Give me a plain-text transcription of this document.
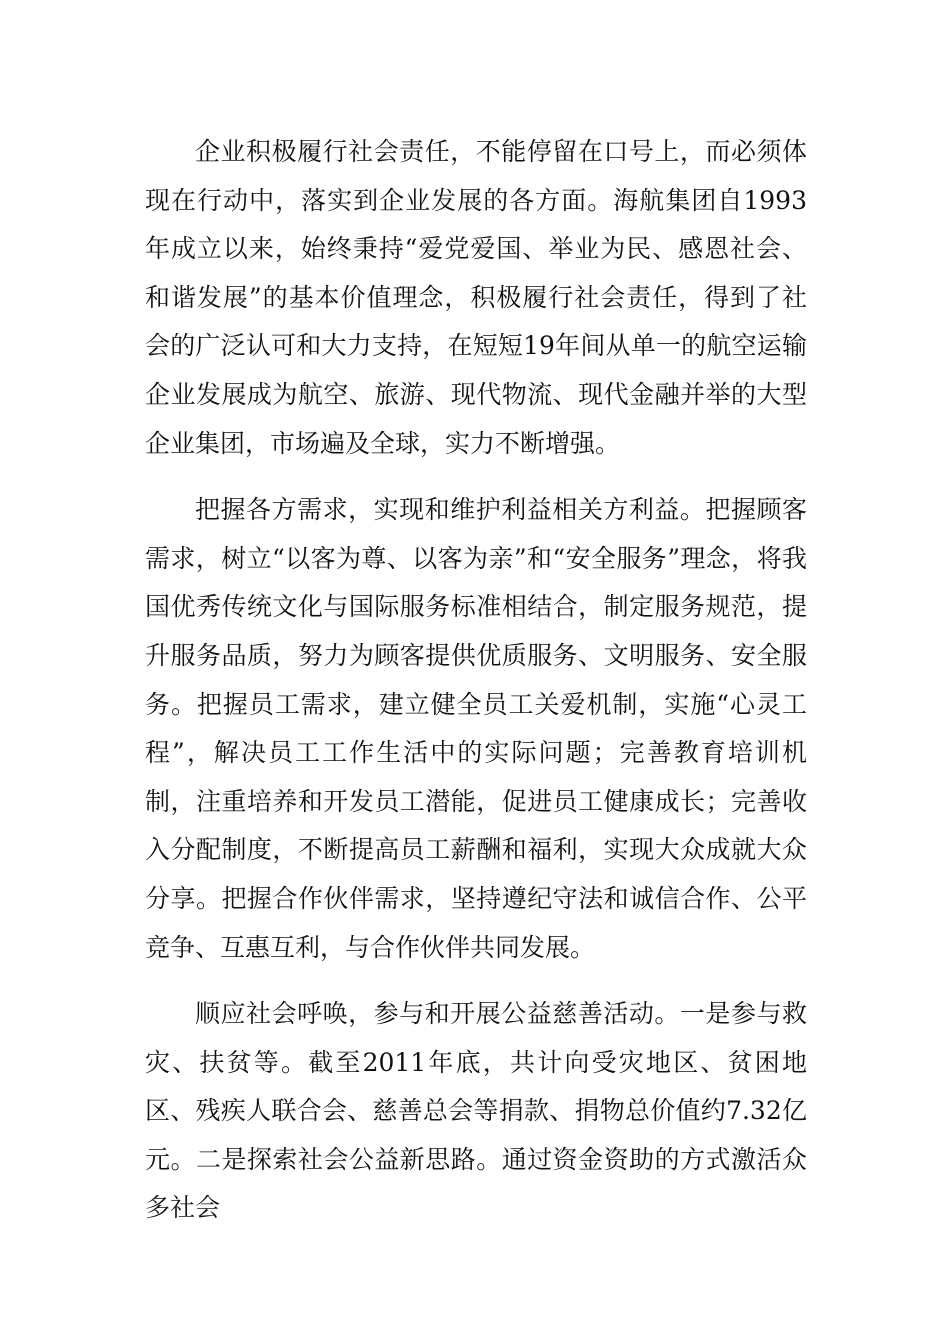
企业积极履行社会责任，不能停留在口号上，而必须体现在行动中，落实到企业发展的各方面。海航集团自1993年成立以来，始终秉持“爱党爱国、举业为民、感恩社会、和谐发展”的基本价值理念，积极履行社会责任，得到了社会的广泛认可和大力支持，在短短19年间从单一的航空运输企业发展成为航空、旅游、现代物流、现代金融并举的大型企业集团，市场遍及全球，实力不断增强。

把握各方需求，实现和维护利益相关方利益。把握顾客需求，树立“以客为尊、以客为亲”和“安全服务”理念，将我国优秀传统文化与国际服务标准相结合，制定服务规范，提升服务品质，努力为顾客提供优质服务、文明服务、安全服务。把握员工需求，建立健全员工关爱机制，实施“心灵工程”，解决员工工作生活中的实际问题；完善教育培训机制，注重培养和开发员工潜能，促进员工健康成长；完善收入分配制度，不断提高员工薪酬和福利，实现大众成就大众分享。把握合作伙伴需求，坚持遵纪守法和诚信合作、公平竞争、互惠互利，与合作伙伴共同发展。

顺应社会呼唤，参与和开展公益慈善活动。一是参与救灾、扶贫等。截至2011年底，共计向受灾地区、贫困地区、残疾人联合会、慈善总会等捐款、捐物总价值约7.32亿元。二是探索社会公益新思路。通过资金资助的方式激活众多社会
